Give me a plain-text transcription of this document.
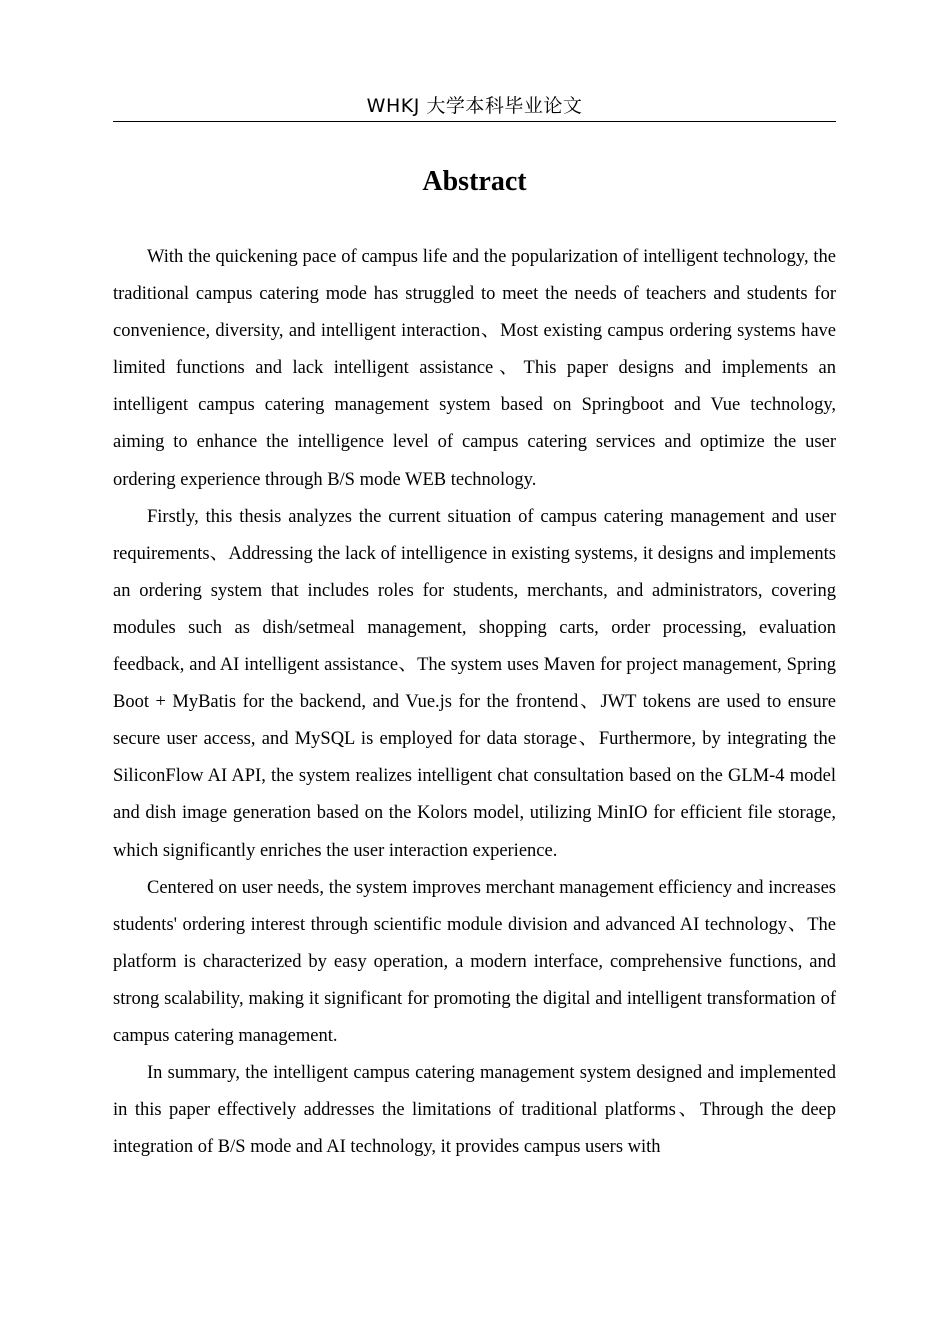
WHKJ 大学本科毕业论文
Abstract

With the quickening pace of campus life and the popularization of intelligent technology, the traditional campus catering mode has struggled to meet the needs of teachers and students for convenience, diversity, and intelligent interaction、Most existing campus ordering systems have limited functions and lack intelligent assistance、This paper designs and implements an intelligent campus catering management system based on Springboot and Vue technology, aiming to enhance the intelligence level of campus catering services and optimize the user ordering experience through B/S mode WEB technology.

Firstly, this thesis analyzes the current situation of campus catering management and user requirements、Addressing the lack of intelligence in existing systems, it designs and implements an ordering system that includes roles for students, merchants, and administrators, covering modules such as dish/setmeal management, shopping carts, order processing, evaluation feedback, and AI intelligent assistance、The system uses Maven for project management, Spring Boot + MyBatis for the backend, and Vue.js for the frontend、JWT tokens are used to ensure secure user access, and MySQL is employed for data storage、Furthermore, by integrating the SiliconFlow AI API, the system realizes intelligent chat consultation based on the GLM-4 model and dish image generation based on the Kolors model, utilizing MinIO for efficient file storage, which significantly enriches the user interaction experience.

Centered on user needs, the system improves merchant management efficiency and increases students' ordering interest through scientific module division and advanced AI technology、The platform is characterized by easy operation, a modern interface, comprehensive functions, and strong scalability, making it significant for promoting the digital and intelligent transformation of campus catering management.

In summary, the intelligent campus catering management system designed and implemented in this paper effectively addresses the limitations of traditional platforms、Through the deep integration of B/S mode and AI technology, it provides campus users with
